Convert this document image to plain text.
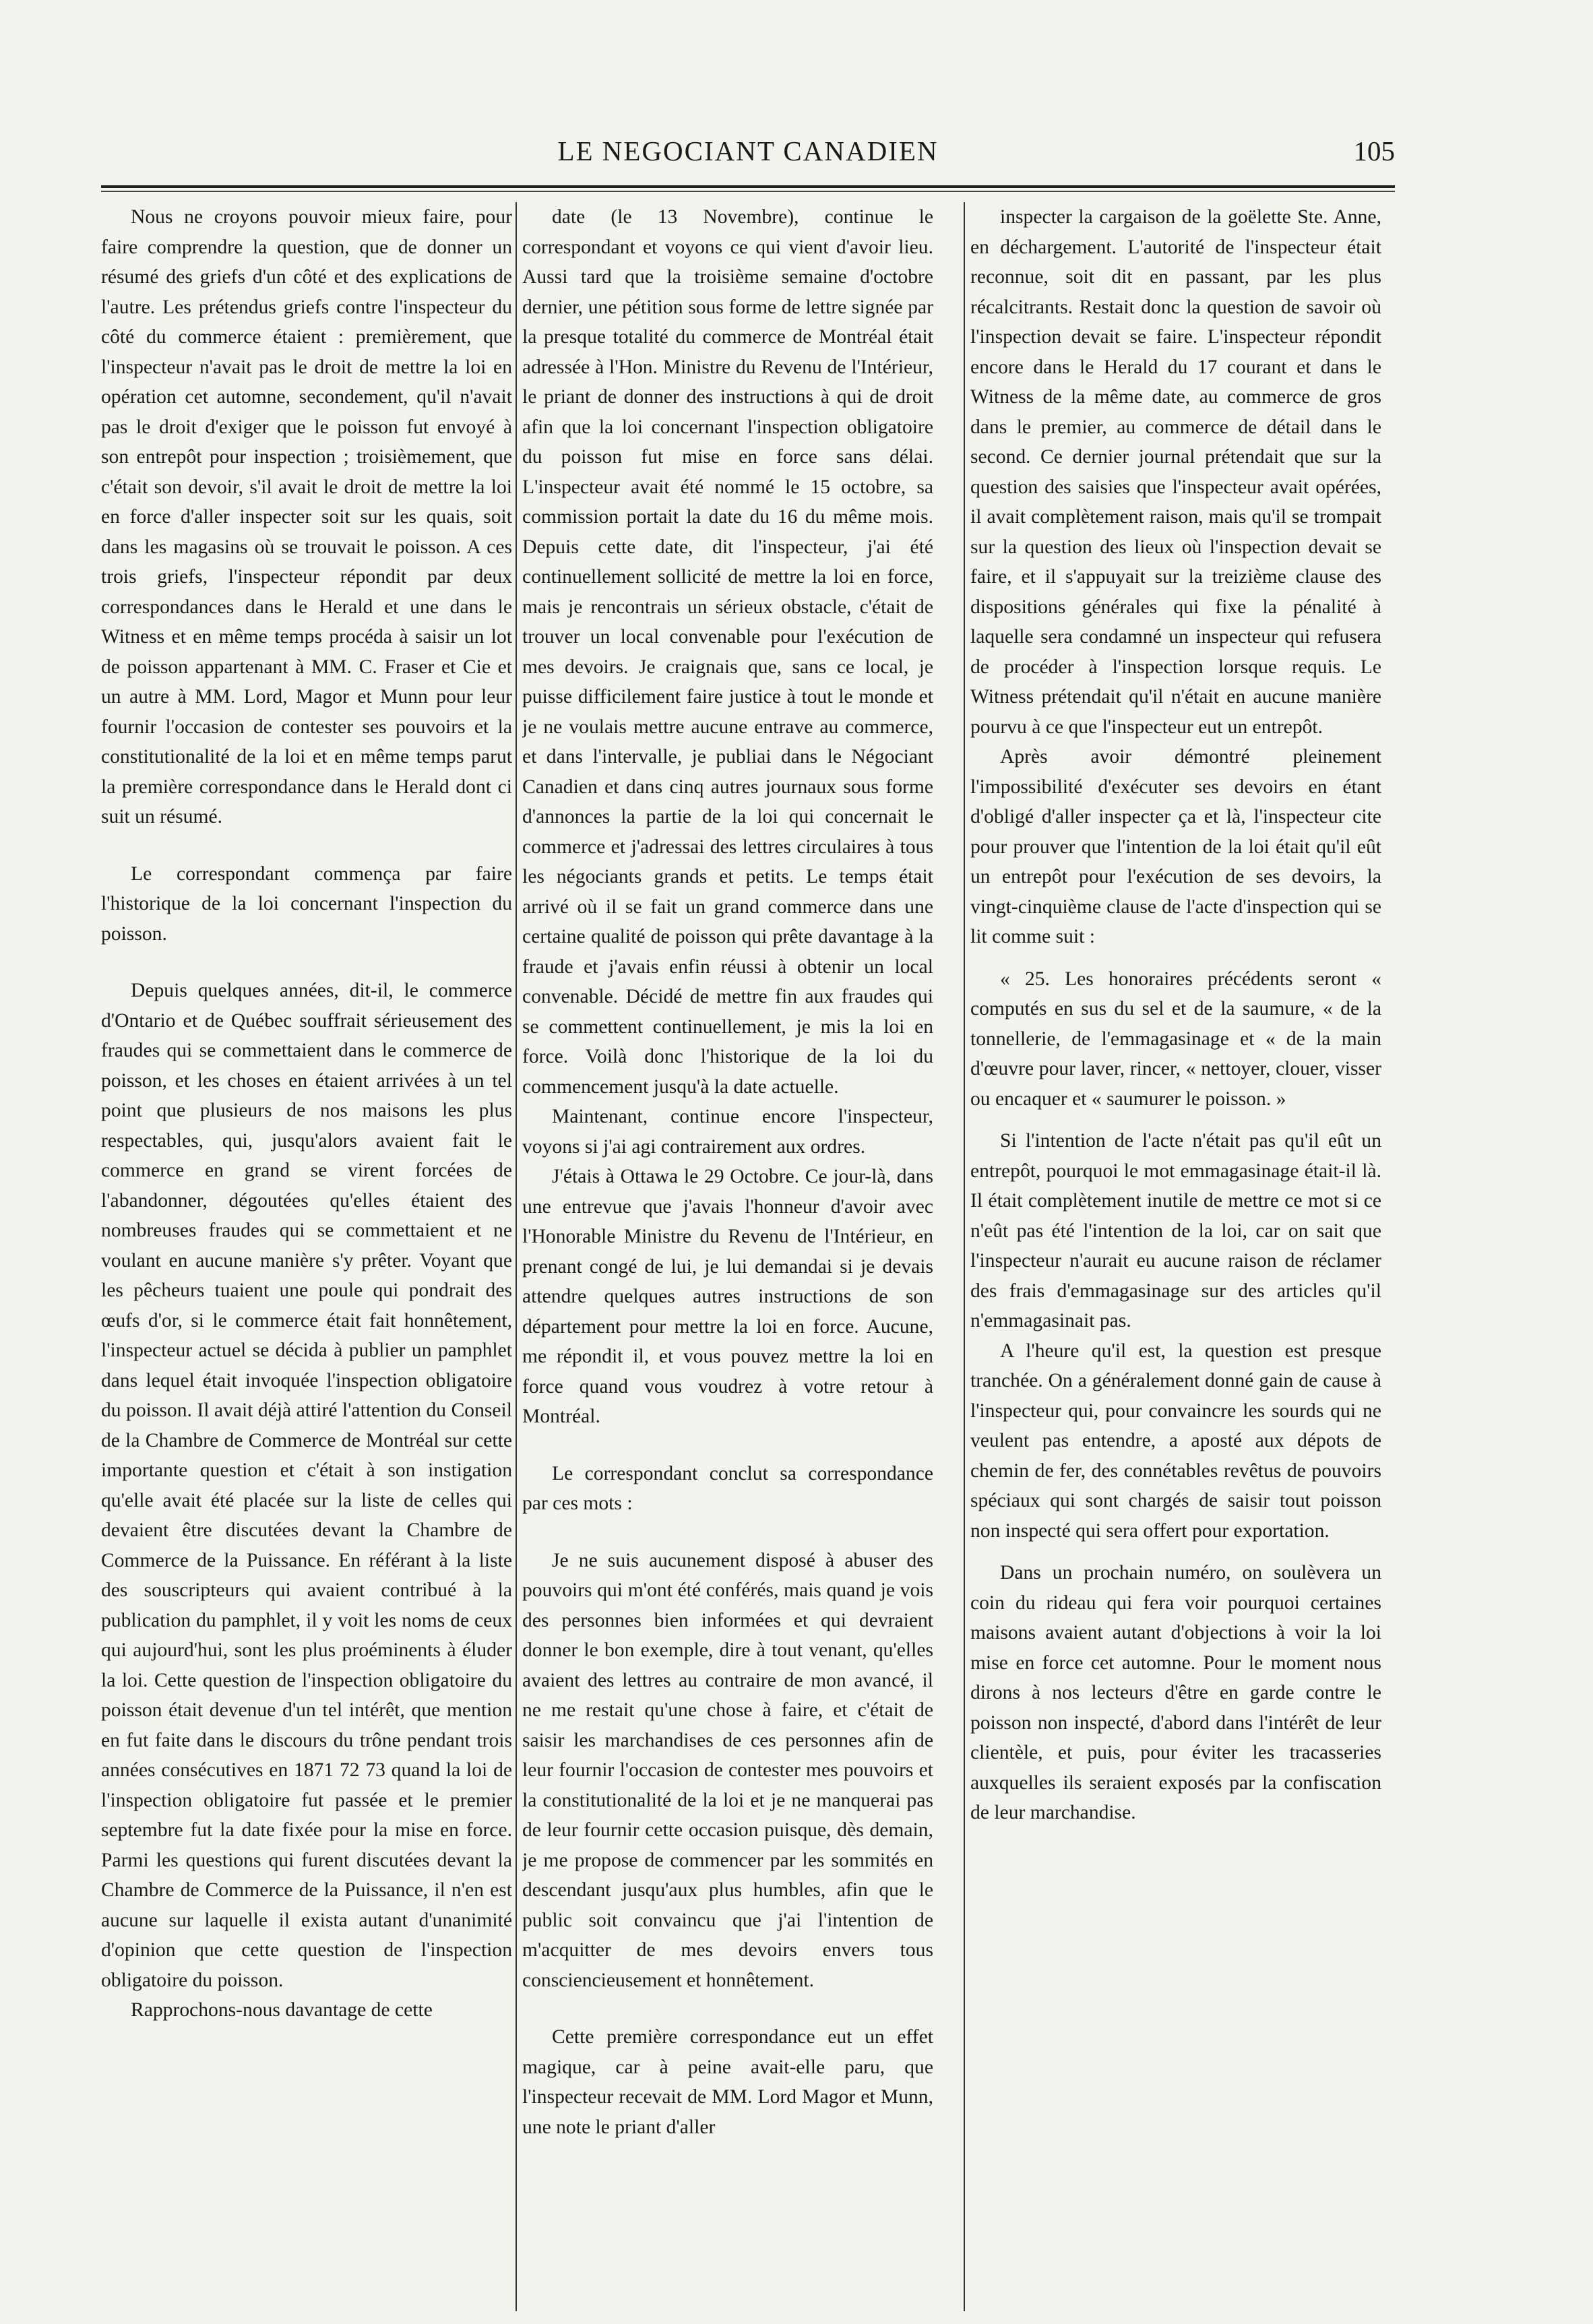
LE NEGOCIANT CANADIEN	105

Nous ne croyons pouvoir mieux faire, pour faire comprendre la question, que de donner un résumé des griefs d'un côté et des explications de l'autre. Les prétendus griefs contre l'inspecteur du côté du commerce étaient : premièrement, que l'inspecteur n'avait pas le droit de mettre la loi en opération cet automne, secondement, qu'il n'avait pas le droit d'exiger que le poisson fut envoyé à son entrepôt pour inspection ; troisièmement, que c'était son devoir, s'il avait le droit de mettre la loi en force d'aller inspecter soit sur les quais, soit dans les magasins où se trouvait le poisson. A ces trois griefs, l'inspecteur répondit par deux correspondances dans le Herald et une dans le Witness et en même temps procéda à saisir un lot de poisson appartenant à MM. C. Fraser et Cie et un autre à MM. Lord, Magor et Munn pour leur fournir l'occasion de contester ses pouvoirs et la constitutionalité de la loi et en même temps parut la première correspondance dans le Herald dont ci suit un résumé.

Le correspondant commença par faire l'historique de la loi concernant l'inspection du poisson.

Depuis quelques années, dit-il, le commerce d'Ontario et de Québec souffrait sérieusement des fraudes qui se commettaient dans le commerce de poisson, et les choses en étaient arrivées à un tel point que plusieurs de nos maisons les plus respectables, qui, jusqu'alors avaient fait le commerce en grand se virent forcées de l'abandonner, dégoutées qu'elles étaient des nombreuses fraudes qui se commettaient et ne voulant en aucune manière s'y prêter. Voyant que les pêcheurs tuaient une poule qui pondrait des œufs d'or, si le commerce était fait honnêtement, l'inspecteur actuel se décida à publier un pamphlet dans lequel était invoquée l'inspection obligatoire du poisson. Il avait déjà attiré l'attention du Conseil de la Chambre de Commerce de Montréal sur cette importante question et c'était à son instigation qu'elle avait été placée sur la liste de celles qui devaient être discutées devant la Chambre de Commerce de la Puissance. En référant à la liste des souscripteurs qui avaient contribué à la publication du pamphlet, il y voit les noms de ceux qui aujourd'hui, sont les plus proéminents à éluder la loi. Cette question de l'inspection obligatoire du poisson était devenue d'un tel intérêt, que mention en fut faite dans le discours du trône pendant trois années consécutives en 1871 72 73 quand la loi de l'inspection obligatoire fut passée et le premier septembre fut la date fixée pour la mise en force. Parmi les questions qui furent discutées devant la Chambre de Commerce de la Puissance, il n'en est aucune sur laquelle il exista autant d'unanimité d'opinion que cette question de l'inspection obligatoire du poisson.

Rapprochons-nous davantage de cette

date (le 13 Novembre), continue le correspondant et voyons ce qui vient d'avoir lieu. Aussi tard que la troisième semaine d'octobre dernier, une pétition sous forme de lettre signée par la presque totalité du commerce de Montréal était adressée à l'Hon. Ministre du Revenu de l'Intérieur, le priant de donner des instructions à qui de droit afin que la loi concernant l'inspection obligatoire du poisson fut mise en force sans délai. L'inspecteur avait été nommé le 15 octobre, sa commission portait la date du 16 du même mois. Depuis cette date, dit l'inspecteur, j'ai été continuellement sollicité de mettre la loi en force, mais je rencontrais un sérieux obstacle, c'était de trouver un local convenable pour l'exécution de mes devoirs. Je craignais que, sans ce local, je puisse difficilement faire justice à tout le monde et je ne voulais mettre aucune entrave au commerce, et dans l'intervalle, je publiai dans le Négociant Canadien et dans cinq autres journaux sous forme d'annonces la partie de la loi qui concernait le commerce et j'adressai des lettres circulaires à tous les négociants grands et petits. Le temps était arrivé où il se fait un grand commerce dans une certaine qualité de poisson qui prête davantage à la fraude et j'avais enfin réussi à obtenir un local convenable. Décidé de mettre fin aux fraudes qui se commettent continuellement, je mis la loi en force. Voilà donc l'historique de la loi du commencement jusqu'à la date actuelle.

Maintenant, continue encore l'inspecteur, voyons si j'ai agi contrairement aux ordres.

J'étais à Ottawa le 29 Octobre. Ce jour-là, dans une entrevue que j'avais l'honneur d'avoir avec l'Honorable Ministre du Revenu de l'Intérieur, en prenant congé de lui, je lui demandai si je devais attendre quelques autres instructions de son département pour mettre la loi en force. Aucune, me répondit il, et vous pouvez mettre la loi en force quand vous voudrez à votre retour à Montréal.

Le correspondant conclut sa correspondance par ces mots :

Je ne suis aucunement disposé à abuser des pouvoirs qui m'ont été conférés, mais quand je vois des personnes bien informées et qui devraient donner le bon exemple, dire à tout venant, qu'elles avaient des lettres au contraire de mon avancé, il ne me restait qu'une chose à faire, et c'était de saisir les marchandises de ces personnes afin de leur fournir l'occasion de contester mes pouvoirs et la constitutionalité de la loi et je ne manquerai pas de leur fournir cette occasion puisque, dès demain, je me propose de commencer par les sommités en descendant jusqu'aux plus humbles, afin que le public soit convaincu que j'ai l'intention de m'acquitter de mes devoirs envers tous consciencieusement et honnêtement.

Cette première correspondance eut un effet magique, car à peine avait-elle paru, que l'inspecteur recevait de MM. Lord Magor et Munn, une note le priant d'aller

inspecter la cargaison de la goëlette Ste. Anne, en déchargement. L'autorité de l'inspecteur était reconnue, soit dit en passant, par les plus récalcitrants. Restait donc la question de savoir où l'inspection devait se faire. L'inspecteur répondit encore dans le Herald du 17 courant et dans le Witness de la même date, au commerce de gros dans le premier, au commerce de détail dans le second. Ce dernier journal prétendait que sur la question des saisies que l'inspecteur avait opérées, il avait complètement raison, mais qu'il se trompait sur la question des lieux où l'inspection devait se faire, et il s'appuyait sur la treizième clause des dispositions générales qui fixe la pénalité à laquelle sera condamné un inspecteur qui refusera de procéder à l'inspection lorsque requis. Le Witness prétendait qu'il n'était en aucune manière pourvu à ce que l'inspecteur eut un entrepôt.

Après avoir démontré pleinement l'impossibilité d'exécuter ses devoirs en étant d'obligé d'aller inspecter ça et là, l'inspecteur cite pour prouver que l'intention de la loi était qu'il eût un entrepôt pour l'exécution de ses devoirs, la vingt-cinquième clause de l'acte d'inspection qui se lit comme suit :

« 25. Les honoraires précédents seront « computés en sus du sel et de la saumure, « de la tonnellerie, de l'emmagasinage et « de la main d'œuvre pour laver, rincer, « nettoyer, clouer, visser ou encaquer et « saumurer le poisson. »

Si l'intention de l'acte n'était pas qu'il eût un entrepôt, pourquoi le mot emmagasinage était-il là. Il était complètement inutile de mettre ce mot si ce n'eût pas été l'intention de la loi, car on sait que l'inspecteur n'aurait eu aucune raison de réclamer des frais d'emmagasinage sur des articles qu'il n'emmagasinait pas.

A l'heure qu'il est, la question est presque tranchée. On a généralement donné gain de cause à l'inspecteur qui, pour convaincre les sourds qui ne veulent pas entendre, a aposté aux dépots de chemin de fer, des connétables revêtus de pouvoirs spéciaux qui sont chargés de saisir tout poisson non inspecté qui sera offert pour exportation.

Dans un prochain numéro, on soulèvera un coin du rideau qui fera voir pourquoi certaines maisons avaient autant d'objections à voir la loi mise en force cet automne. Pour le moment nous dirons à nos lecteurs d'être en garde contre le poisson non inspecté, d'abord dans l'intérêt de leur clientèle, et puis, pour éviter les tracasseries auxquelles ils seraient exposés par la confiscation de leur marchandise.
